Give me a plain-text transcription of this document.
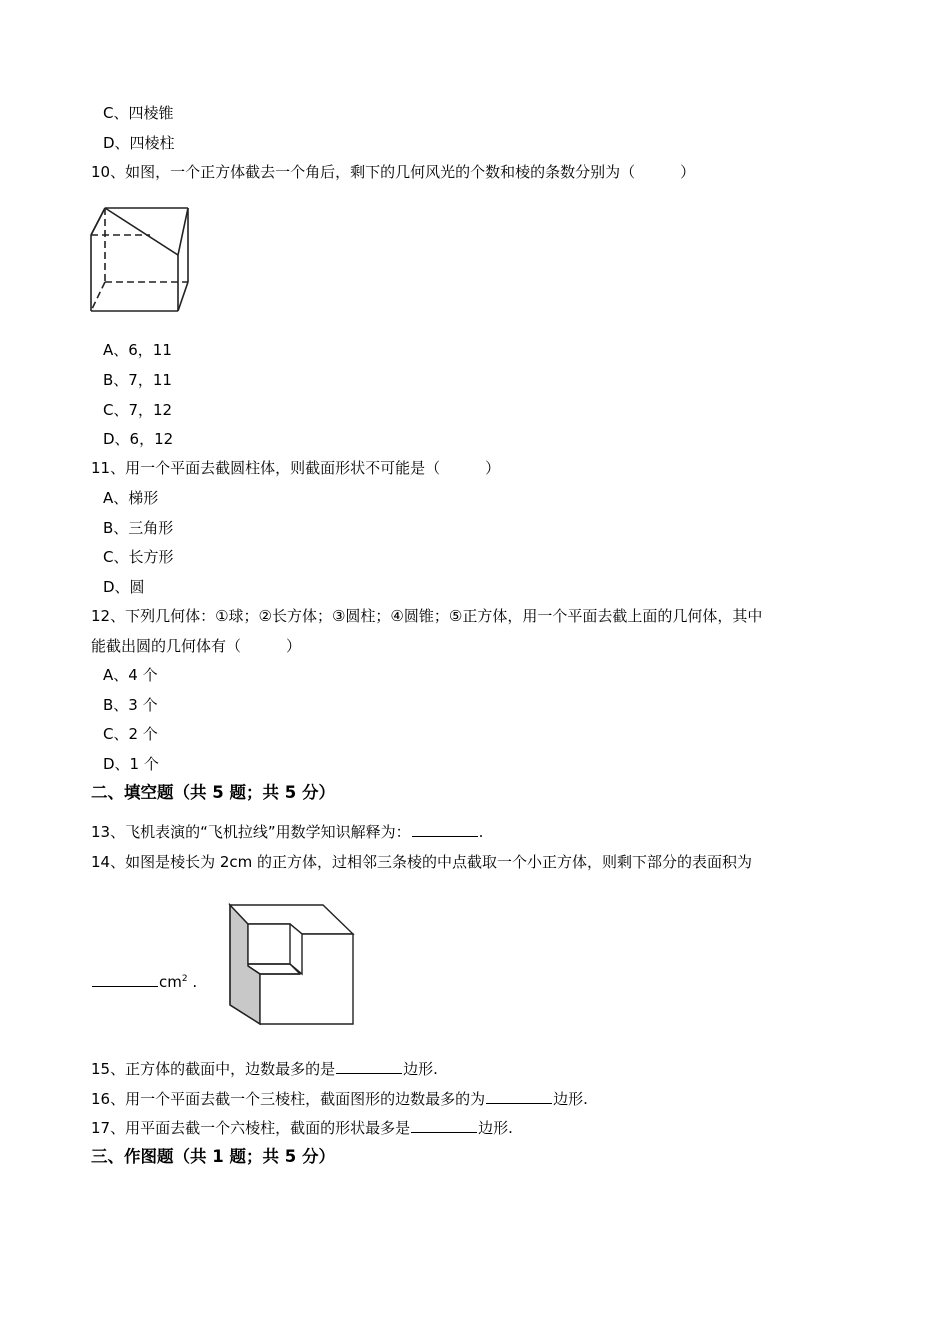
C、四棱锥
D、四棱柱
10、如图，一个正方体截去一个角后，剩下的几何风光的个数和棱的条数分别为（　　　）
A、6，11
B、7，11
C、7，12
D、6，12
11、用一个平面去截圆柱体，则截面形状不可能是（　　　）
A、梯形
B、三角形
C、长方形
D、圆
12、下列几何体：①球；②长方体；③圆柱；④圆锥；⑤正方体，用一个平面去截上面的几何体，其中
能截出圆的几何体有（　　　）
A、4 个
B、3 个
C、2 个
D、1 个
二、填空题（共 5 题；共 5 分）
13、飞机表演的“飞机拉线”用数学知识解释为：	.
14、如图是棱长为 2cm 的正方体，过相邻三条棱的中点截取一个小正方体，则剩下部分的表面积为
$cm^2$ .
15、正方体的截面中，边数最多的是	边形.
16、用一个平面去截一个三棱柱，截面图形的边数最多的为	边形.
17、用平面去截一个六棱柱，截面的形状最多是	边形.
三、作图题（共 1 题；共 5 分）
